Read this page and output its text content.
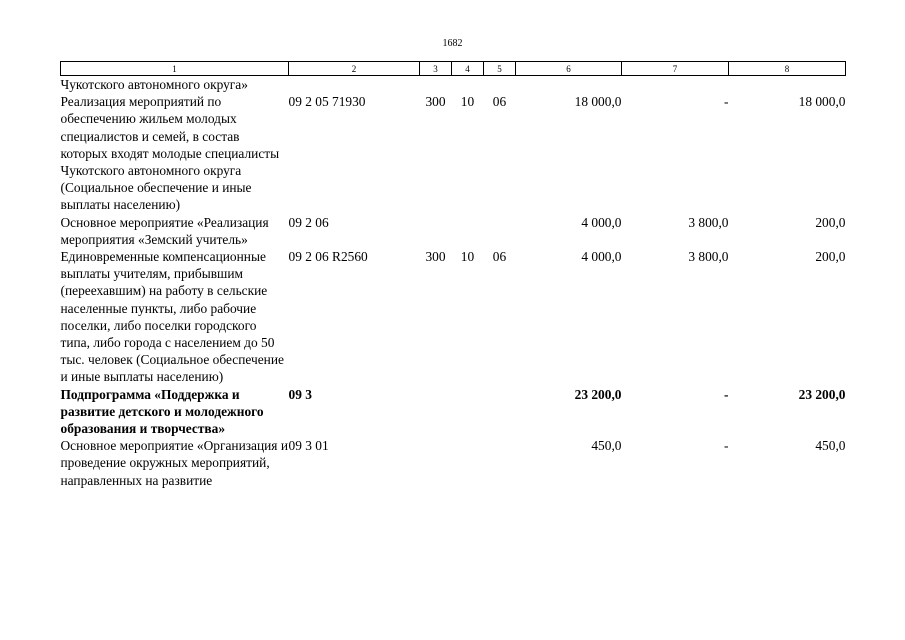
1682
1	2	3	4	5	6	7	8
Чукотского автономного округа»							
Реализация мероприятий по обеспечению жильем молодых специалистов и семей, в состав которых входят молодые специалисты Чукотского автономного округа (Социальное обеспечение и иные выплаты населению)	09 2 05 71930	300	10	06	18 000,0	-	18 000,0
Основное мероприятие «Реализация мероприятия «Земский учитель»	09 2 06				4 000,0	3 800,0	200,0
Единовременные компенсационные выплаты учителям, прибывшим (переехавшим) на работу в сельские населенные пункты, либо рабочие поселки, либо поселки городского типа, либо города с населением до 50 тыс. человек (Социальное обеспечение и иные выплаты населению)	09 2 06 R2560	300	10	06	4 000,0	3 800,0	200,0
Подпрограмма «Поддержка и развитие детского и молодежного образования и творчества»	09 3				23 200,0	-	23 200,0
Основное мероприятие «Организация и проведение окружных мероприятий, направленных на развитие	09 3 01				450,0	-	450,0
